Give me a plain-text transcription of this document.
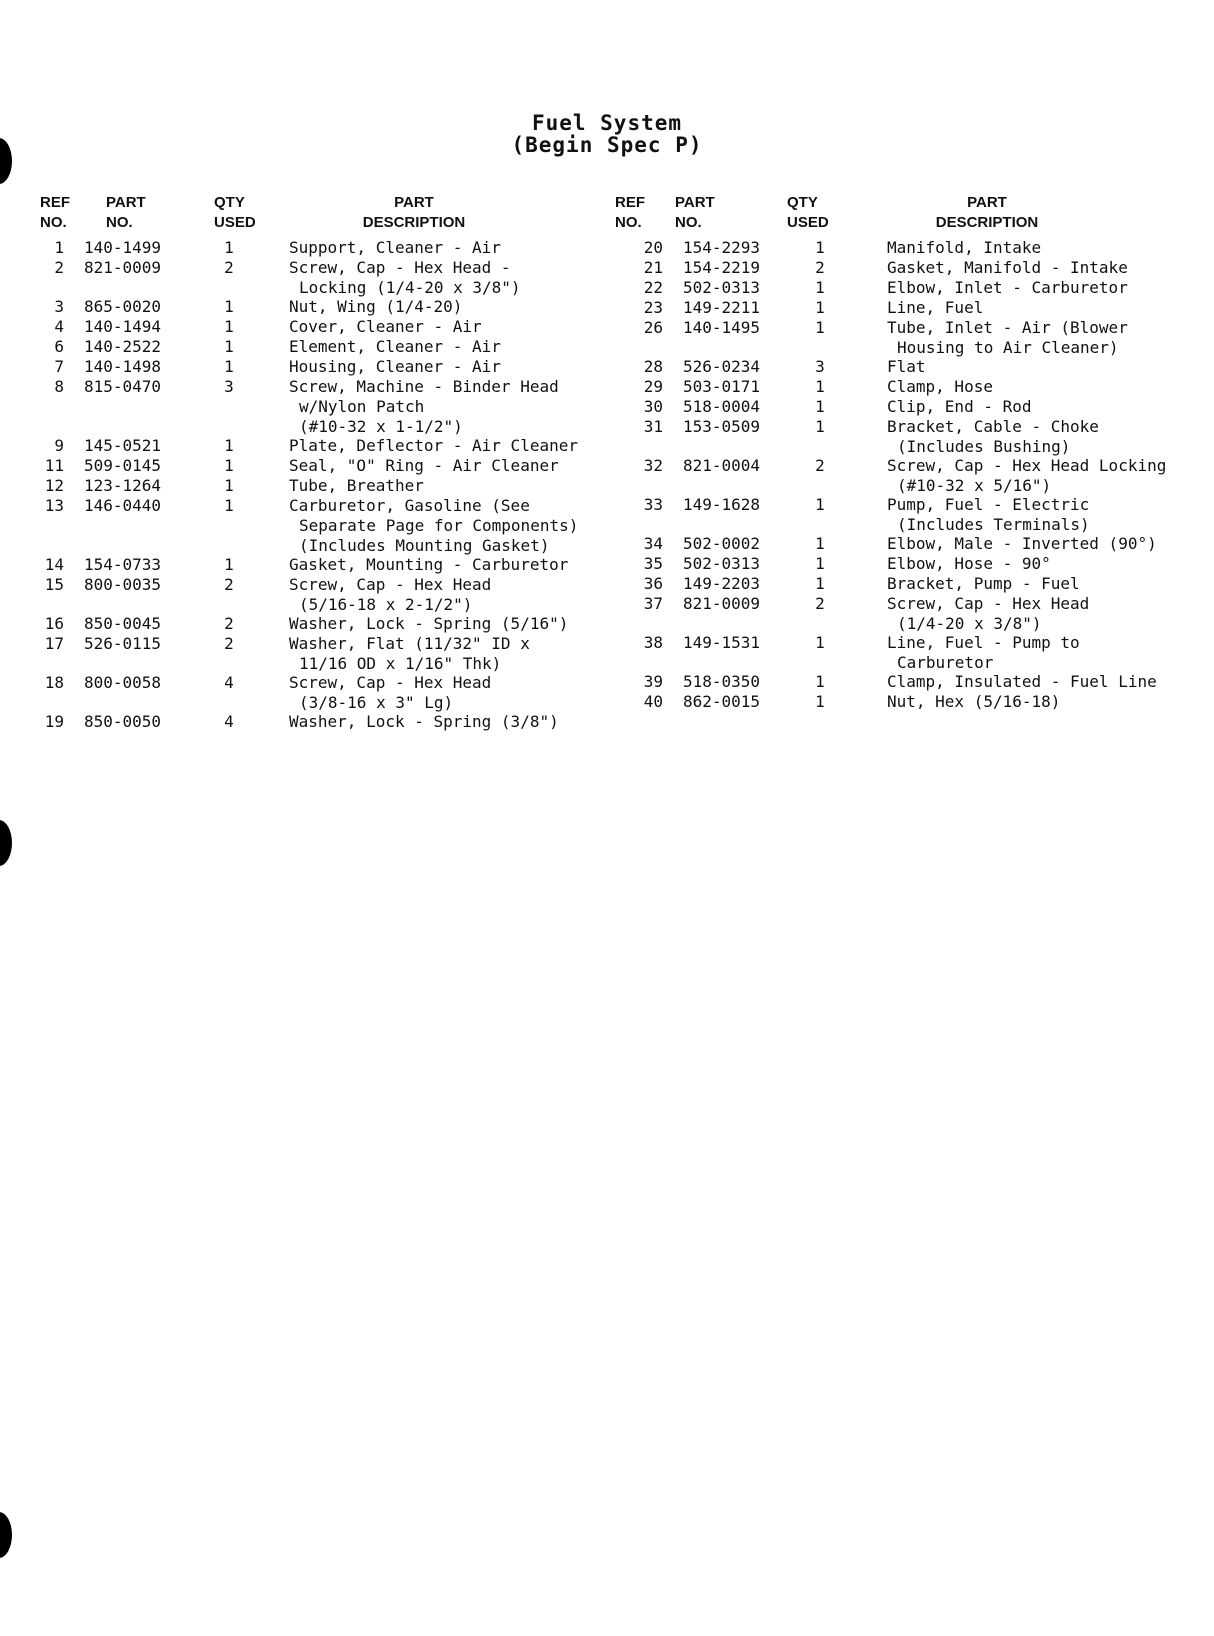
Fuel System
(Begin Spec P)
REF
NO.
PART
NO.
QTY
USED
PART
DESCRIPTION
1 140-1499	1	Support, Cleaner - Air
2 821-0009	2	Screw, Cap - Hex Head -
Locking (1/4-20 x 3/8")
3 865-0020	1	Nut, Wing (1/4-20)
4 140-1494	1	Cover, Cleaner - Air
6 140-2522	1	Element, Cleaner - Air
7 140-1498	1	Housing, Cleaner - Air
8 815-0470	3	Screw, Machine - Binder Head
w/Nylon Patch
(#10-32 x 1-1/2")
9 145-0521	1	Plate, Deflector - Air Cleaner
11 509-0145	1	Seal, "O" Ring - Air Cleaner
12 123-1264	1	Tube, Breather
13 146-0440	1	Carburetor, Gasoline (See
Separate Page for Components)
(Includes Mounting Gasket)
14 154-0733	1	Gasket, Mounting - Carburetor
15 800-0035	2	Screw, Cap - Hex Head
(5/16-18 x 2-1/2")
16 850-0045	2	Washer, Lock - Spring (5/16")
17 526-0115	2	Washer, Flat (11/32" ID x
11/16 OD x 1/16" Thk)
18 800-0058	4	Screw, Cap - Hex Head
(3/8-16 x 3" Lg)
19 850-0050	4	Washer, Lock - Spring (3/8")
REF
NO.
PART
NO.
QTY
USED
PART
DESCRIPTION
20 154-2293	1	Manifold, Intake
21 154-2219	2	Gasket, Manifold - Intake
22 502-0313	1	Elbow, Inlet - Carburetor
23 149-2211	1	Line, Fuel
26 140-1495	1	Tube, Inlet - Air (Blower
Housing to Air Cleaner)
28 526-0234	3	Flat
29 503-0171	1	Clamp, Hose
30 518-0004	1	Clip, End - Rod
31 153-0509	1	Bracket, Cable - Choke
(Includes Bushing)
32 821-0004	2	Screw, Cap - Hex Head Locking
(#10-32 x 5/16")
33 149-1628	1	Pump, Fuel - Electric
(Includes Terminals)
34 502-0002	1	Elbow, Male - Inverted (90°)
35 502-0313	1	Elbow, Hose - 90°
36 149-2203	1	Bracket, Pump - Fuel
37 821-0009	2	Screw, Cap - Hex Head
(1/4-20 x 3/8")
38 149-1531	1	Line, Fuel - Pump to
Carburetor
39 518-0350	1	Clamp, Insulated - Fuel Line
40 862-0015	1	Nut, Hex (5/16-18)
